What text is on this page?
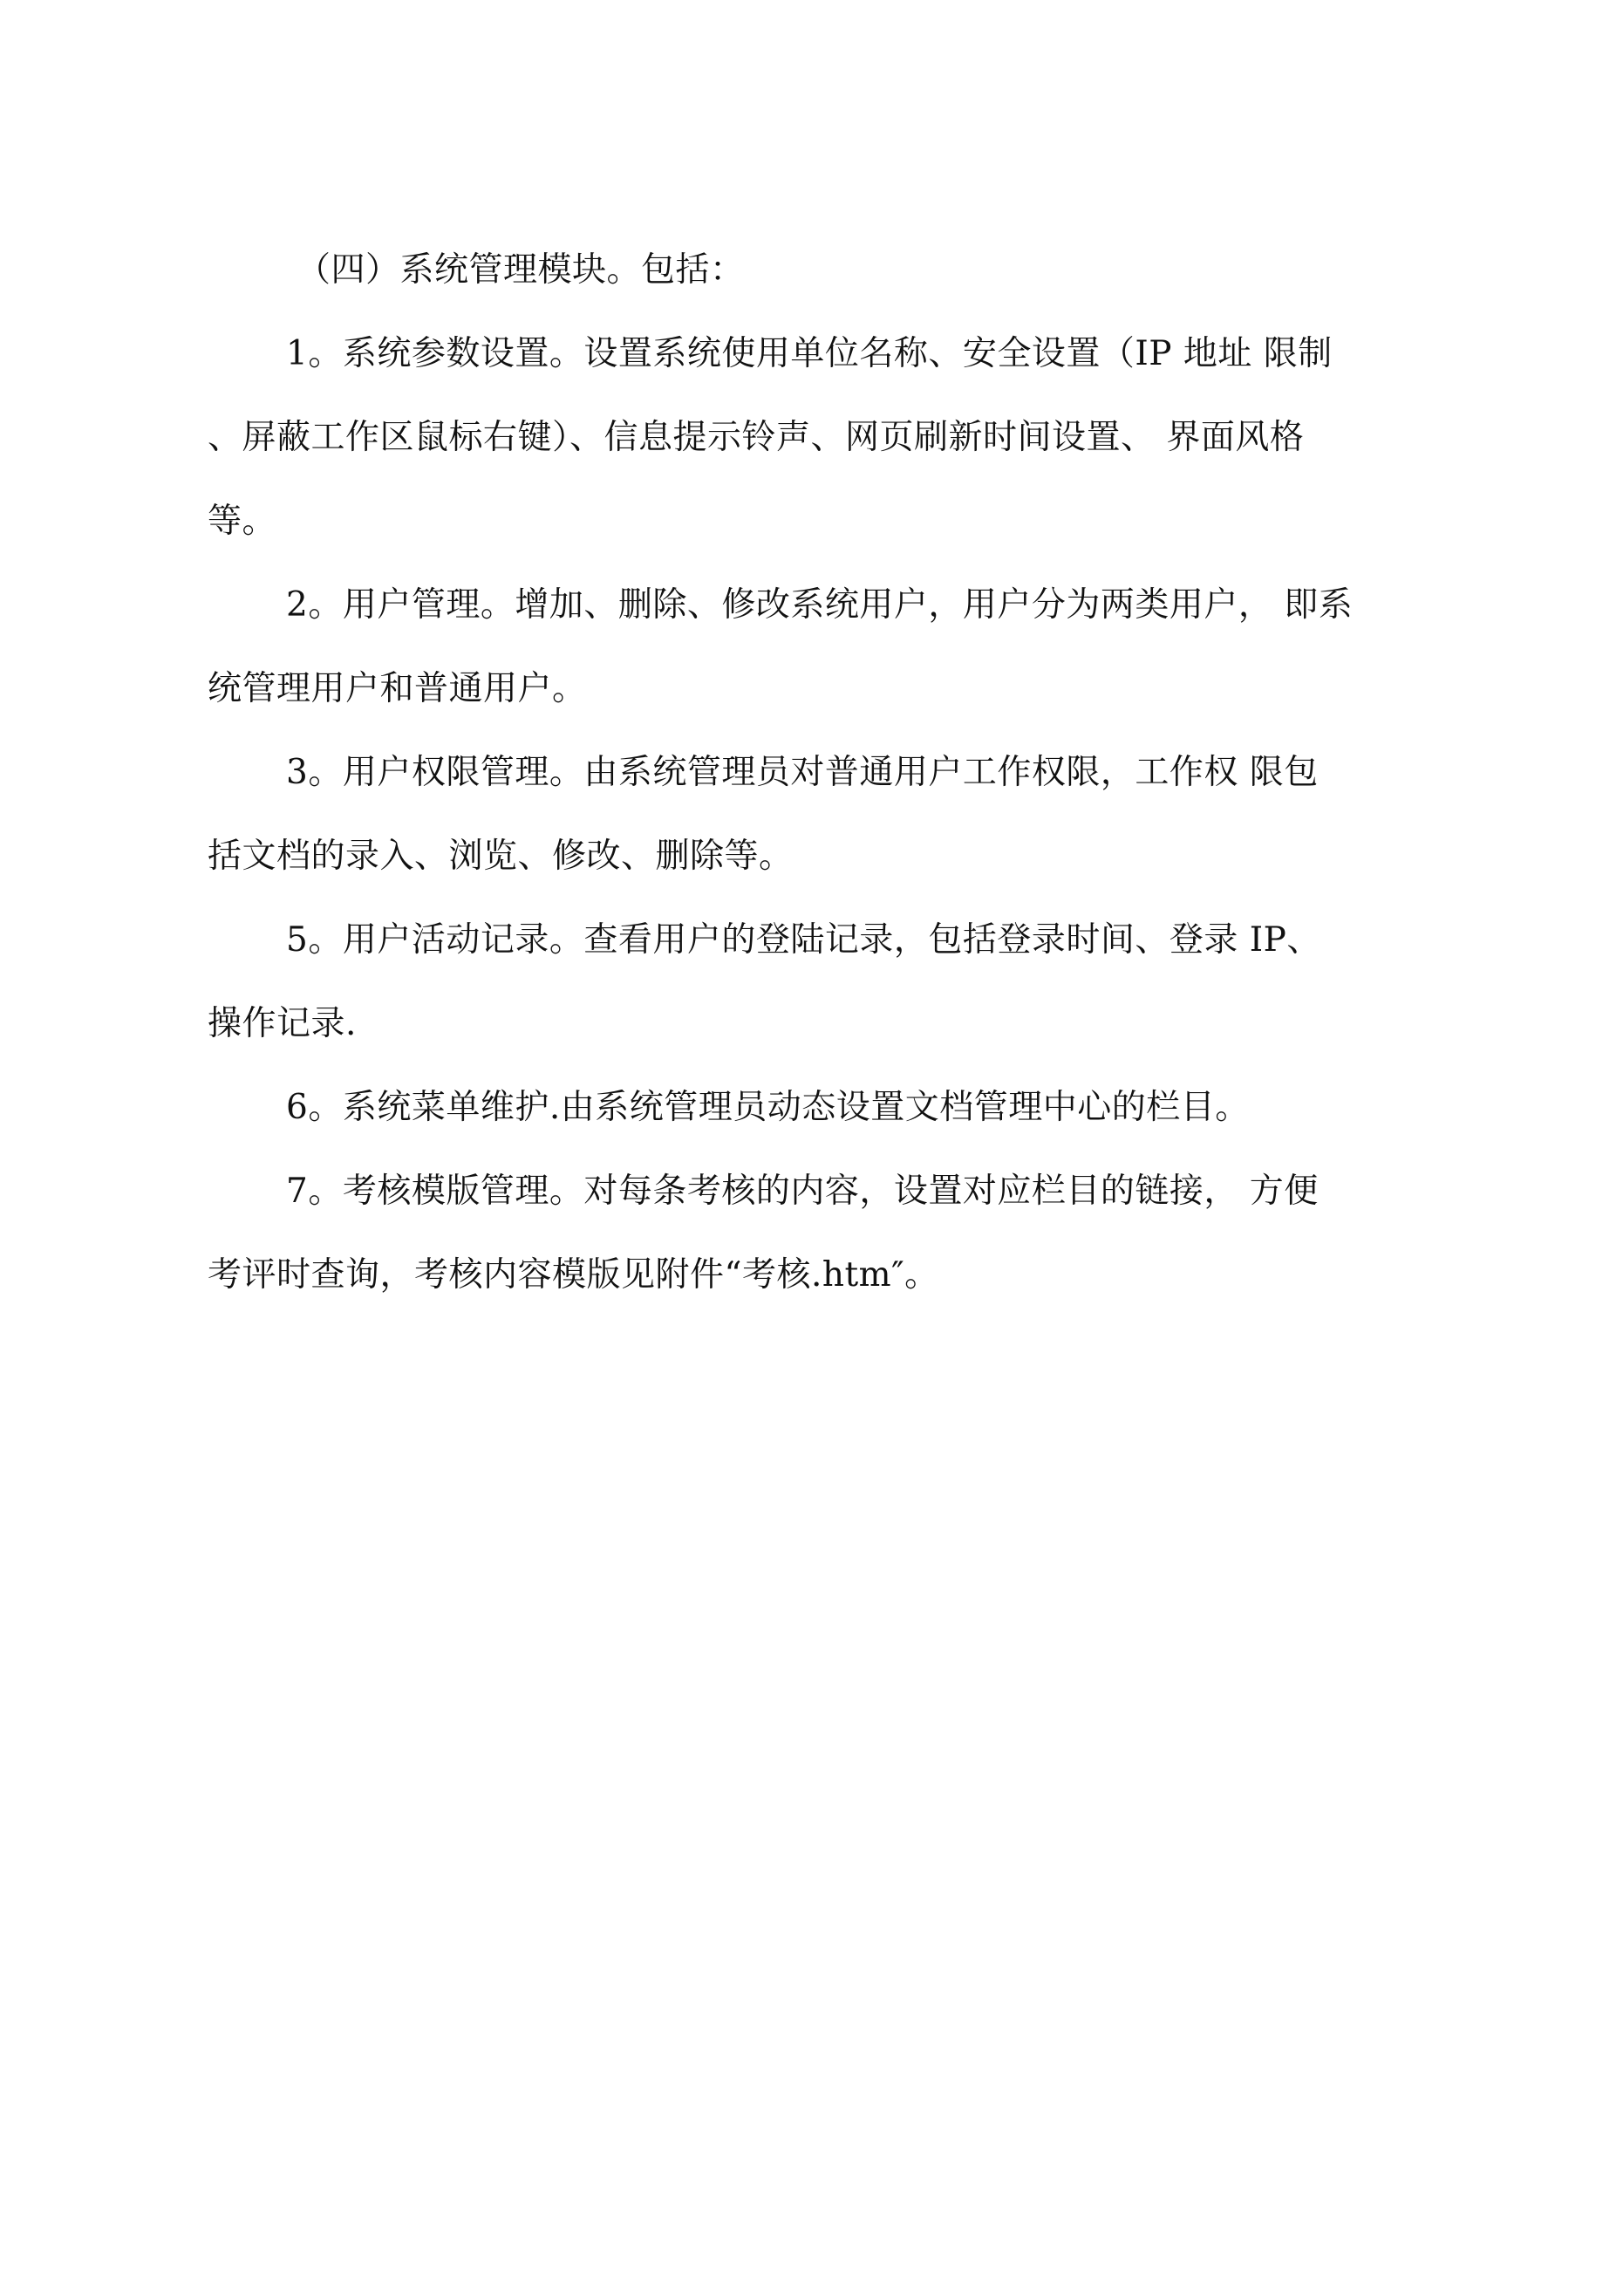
（四）系统管理模块。包括：

1。系统参数设置。设置系统使用单位名称、安全设置（IP 地址 限制
、屏蔽工作区鼠标右键）、信息提示铃声、网页刷新时间设置、 界面风格
等。
2。用户管理。增加、删除、修改系统用户，用户分为两类用户， 即系
统管理用户和普通用户。
3。用户权限管理。由系统管理员对普通用户工作权限，工作权 限包
括文档的录入、浏览、修改、删除等。
5。用户活动记录。查看用户的登陆记录，包括登录时间、登录 IP、
操作记录.
6。系统菜单维护.由系统管理员动态设置文档管理中心的栏目。
7。考核模版管理。对每条考核的内容，设置对应栏目的链接， 方便
考评时查询，考核内容模版见附件“考核.htm″。
